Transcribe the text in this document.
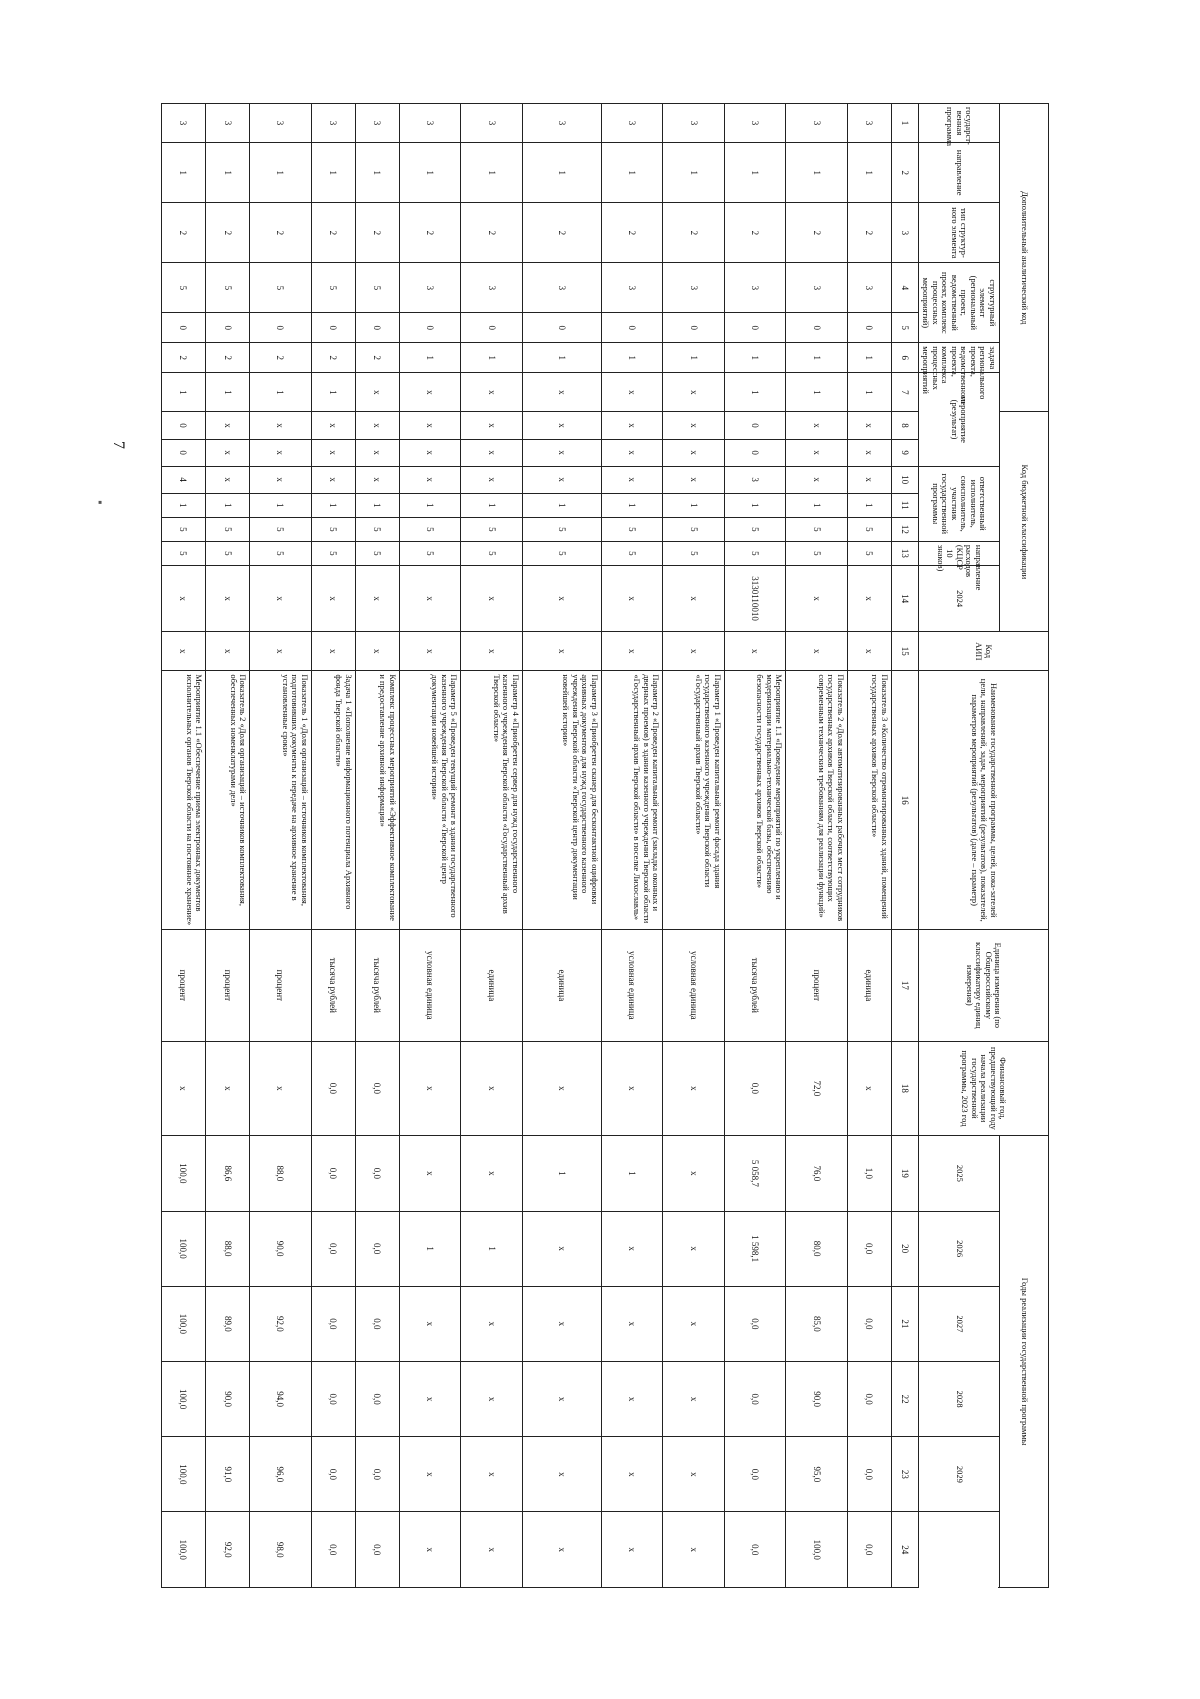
7
▪
Дополнительный аналитический код							Код бюджетной классификации							Код АИП	Наименование государственной программы, целей, пока-зателей цели, направлений, задач, мероприятий (результатов), показателей, параметров мероприятий (результатов) (далее – параметр)	Единица измерения (по Общероссийскому классификатору единиц измерения)	Финансовый год, предшествующий году начала реализации государственной программы, 2023 год	Годы реализации государственной программы					
государст-венная программа	направление	тип структур-ного элемента	структурный элемент (региональный проект, ведомственный проект, комплекс процессных мероприятий)		задача регионального проекта, ведомственного проекта, комплекса процессных мероприятий	мероприятие (результат)			ответственный исполнитель, соисполнитель, участник государственной программы			направление расходов (КЦСР 10 знаков)											
													2024					2025	2026	2027	2028	2029	
1	2	3	4	5	6	7	8	9	10	11	12	13	14	15	16	17	18	19	20	21	22	23	24
3	1	2	3	0	1	1	х	х	х	1	5	5	х	х	Показатель 3 «Количество отремонтированных зданий, помещений государственных архивов Тверской области»	единица	х	1,0	0,0	0,0	0,0	0,0	0,0
3	1	2	3	0	1	1	х	х	х	1	5	5	х	х	Показатель 2 «Доля автоматизированных рабочих мест сотрудников государственных архивов Тверской области, соответствующих современным техническим требованиям для реализации функций»	процент	72,0	76,0	80,0	85,0	90,0	95,0	100,0
3	1	2	3	0	1	1	0	0	3	1	5	5	3130110010	х	Мероприятие 1.1 «Проведение мероприятий по укреплению и модернизации материально-технической базы, обеспечению безопасности государственных архивов Тверской области»	тысяча рублей	0,0	5 058,7	1 598,1	0,0	0,0	0,0	0,0
3	1	2	3	0	1	х	х	х	х	1	5	5	х	х	Параметр 1 «Проведен капитальный ремонт фасада здания государственного казенного учреждения Тверской области «Государственный архив Тверской области»	условная единица	х	х	х	х	х	х	х
3	1	2	3	0	1	х	х	х	х	1	5	5	х	х	Параметр 2 «Проведен капитальный ремонт (закладка оконных и дверных проемов) в здании казенного учреждения Тверской области «Государственный архив Тверской области» в поселке Лихославль»	условная единица	х	1	х	х	х	х	х
3	1	2	3	0	1	х	х	х	х	1	5	5	х	х	Параметр 3 «Приобретен сканер для бесконтактной оцифровки архивных документов для нужд государственного казенного учреждения Тверской области «Тверской центр документации новейшей истории»	единица	х	1	х	х	х	х	х
3	1	2	3	0	1	х	х	х	х	1	5	5	х	х	Параметр 4 «Приобретен сервер для нужд государственного казенного учреждения Тверской области «Государственный архив Тверской области»	единица	х	х	1	х	х	х	х
3	1	2	3	0	1	х	х	х	х	1	5	5	х	х	Параметр 5 «Проведен текущий ремонт в здании государственного казенного учреждения Тверской области «Тверской центр документации новейшей истории»	условная единица	х	х	1	х	х	х	х
3	1	2	5	0	2	х	х	х	х	1	5	5	х	х	Комплекс процессных мероприятий «Эффективное комплектование и предоставление архивной информации»	тысяча рублей	0,0	0,0	0,0	0,0	0,0	0,0	0,0
3	1	2	5	0	2	1	х	х	х	1	5	5	х	х	Задача 1 «Пополнение информационного потенциала Архивного фонда Тверской области»	тысяча рублей	0,0	0,0	0,0	0,0	0,0	0,0	0,0
3	1	2	5	0	2	1	х	х	х	1	5	5	х	х	Показатель 1 «Доля организаций – источников комплектования, подготовивших документы к передаче на архивное хранение в установленные сроки»	процент	х	88,0	90,0	92,0	94,0	96,0	98,0
3	1	2	5	0	2	1	х	х	х	1	5	5	х	х	Показатель 2 «Доля организаций – источников комплектования, обеспеченных номенклатурами дел»	процент	х	86,6	88,0	89,0	90,0	91,0	92,0
3	1	2	5	0	2	1	0	0	4	1	5	5	х	х	Мероприятие 1.1 «Обеспечение приема электронных документов исполнительных органов Тверской области на постоянное хранение»	процент	х	100,0	100,0	100,0	100,0	100,0	100,0
